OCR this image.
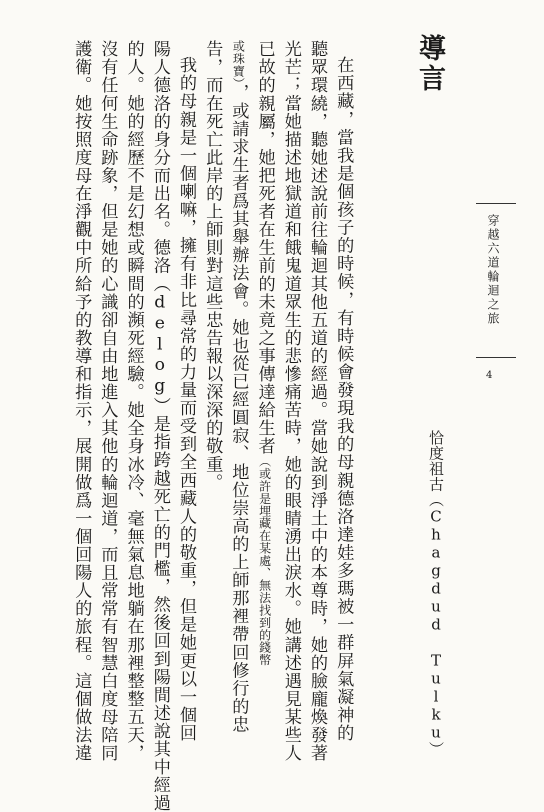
導言
恰度祖古（Chagdud Tulku）
在西藏，當我是個孩子的時候，有時候會發現我的母親德洛達娃多瑪被一群屏氣凝神的
聽眾環繞，聽她述說前往輪迴其他五道的經過。當她說到淨土中的本尊時，她的臉龐煥發著
光芒；當她描述地獄道和餓鬼道眾生的悲慘痛苦時，她的眼睛湧出淚水。她講述遇見某些人
已故的親屬，她把死者在生前的未竟之事傳達給生者（或許是埋藏在某處、無法找到的錢幣
或珠寶），或請求生者爲其舉辦法會。她也從已經圓寂、地位崇高的上師那裡帶回修行的忠
告，而在死亡此岸的上師則對這些忠告報以深深的敬重。
我的母親是一個喇嘛，擁有非比尋常的力量而受到全西藏人的敬重，但是她更以一個回
陽人德洛的身分而出名。德洛（delog）是指跨越死亡的門檻，然後回到陽間述說其中經過
的人。她的經歷不是幻想或瞬間的瀕死經驗。她全身冰冷、毫無氣息地躺在那裡整整五天，
沒有任何生命跡象，但是她的心識卻自由地進入其他的輪迴道，而且常常有智慧白度母陪同
護衛。她按照度母在淨觀中所給予的教導和指示，展開做爲一個回陽人的旅程。這個做法違	穿越六道輪迴之旅
4
